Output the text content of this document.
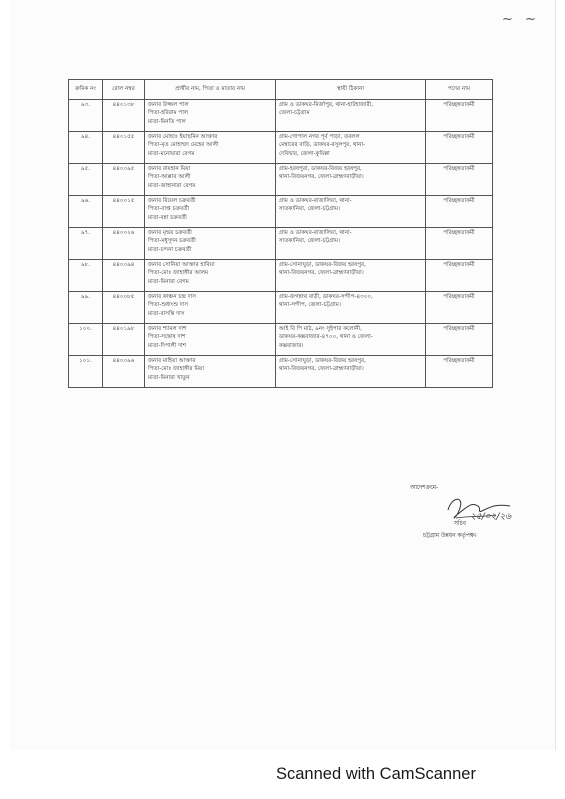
~ ~
ক্রমিক নং	রোল নম্বর	প্রার্থীর নাম, পিতা ও মাতার নাম	স্থায়ী ঠিকানা	পদের নাম
৯৩.	৪৪০১৩৮	জনাব উজ্জল পাল
পিতা-হরিরাম পাল
মাতা-মিনতি পাল	গ্রাম ও ডাকঘর-মির্জাপুর, থানা-হাটহাজারী,
জেলা-চট্টগ্রাম	পরিচ্ছন্নতাকর্মী
৯৪.	৪৪০১৫৫	জনাব মোছাঃ ইয়াছমিন আক্তার
পিতা-মৃত মোহাম্মদ মেহের আলী
মাতা-মনোয়ারা বেগম	গ্রাম-গোপাল নগর পূর্ব পাড়া, তবলল
মেম্বারের বাড়ি, ডাকঘর-রসুলপুর, থানা-
দেবিদ্বার, জেলা-কুমিল্লা	পরিচ্ছন্নতাকর্মী
৯৫.	৪৪০০৯৫	জনাব রায়হান মিয়া
পিতা-আল্লাব আলী
মাতা-জাহানারা বেগম	গ্রাম-হরষপুরা, ডাকঘর-বিজয় হরষপুর,
থানা-বিজয়নগর, জেলা-ব্রাহ্মণবাড়ীয়া।	পরিচ্ছন্নতাকর্মী
৯৬.	৪৪০০১৫	জনাব রিয়েল চক্রবর্তী
পিতা-বাপ্ত চক্রবর্তী
মাতা-বন্না চক্রবর্তী	গ্রাম ও ডাকঘর-বাজালিয়া, থানা-
সাতকানিয়া, জেলা-চট্টগ্রাম।	পরিচ্ছন্নতাকর্মী
৯৭.	৪৪০০২৬	জনাব মৃন্ময় চক্রবর্তী
পিতা-মধুসূদন চক্রবর্তী
মাতা-চন্দনা চক্রবর্তী	গ্রাম ও ডাকঘর-বাজালিয়া, থানা-
সাতকানিয়া, জেলা-চট্টগ্রাম।	পরিচ্ছন্নতাকর্মী
৯৮.	৪৪০০৯৪	জনাব সোনিয়া আক্তার হাবিয়া
পিতা-মোঃ জাহাঙ্গীর আলম
মাতা-মিনারা বেগম	গ্রাম-সোনাঘুড়া, ডাকঘর-বিজয় হরষপুর,
থানা-বিজয়নগর, জেলা-ব্রাহ্মণবাড়ীয়া।	পরিচ্ছন্নতাকর্মী
৯৯.	৪৪০০৮৫	জনাব কাঞ্চন চন্দ্র দাস
পিতা-শুধাংশু দাস
মাতা-বাসন্তি দাস	গ্রাম-জগন্নাথ বাড়ী, ডাকঘর-সন্দীপ-৪৩০০,
থানা-সন্দীপ, জেলা-চট্টগ্রাম।	পরিচ্ছন্নতাকর্মী
১০০.	৪৪০১৯৮	জনাব শ্যামল দাশ
পিতা-সন্তোষ দাশ
মাতা-দিপালী দাশ	আই বি পি মাঠ, ৯নং সুইপার কলোনী,
ডাকঘর-কক্সবাজার-৪৭০০, থানা ও জেলা-
কক্সবাজার।	পরিচ্ছন্নতাকর্মী
১০১.	৪৪০০৯৬	জনাব মাহিয়া আক্তার
পিতা-মোঃ জাহাঙ্গীর মিয়া
মাতা-মিনারা খাতুন	গ্রাম-সোনাঘুড়া, ডাকঘর-বিজয় হরষপুর,
থানা-বিজয়নগর, জেলা-ব্রাহ্মণবাড়ীয়া।	পরিচ্ছন্নতাকর্মী
আদেশক্রমে-
২৫/০২/২৬
সচিব
চট্টগ্রাম উন্নয়ন কর্তৃপক্ষ।
Scanned with CamScanner
